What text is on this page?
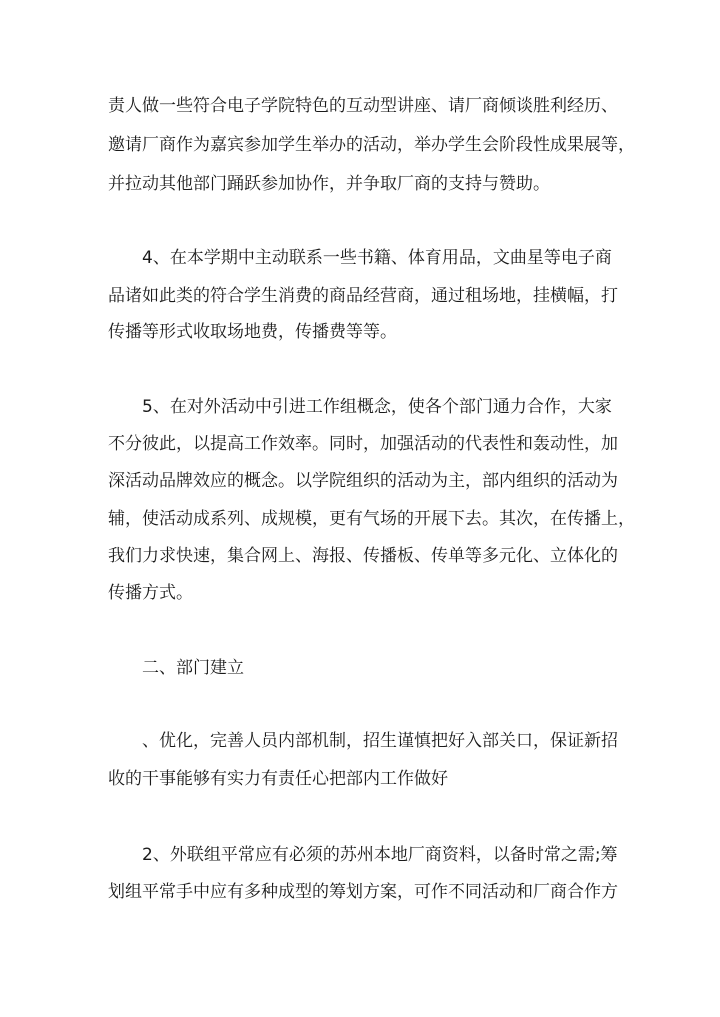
责人做一些符合电子学院特色的互动型讲座、请厂商倾谈胜利经历、
邀请厂商作为嘉宾参加学生举办的活动，举办学生会阶段性成果展等，
并拉动其他部门踊跃参加协作，并争取厂商的支持与赞助。
4、在本学期中主动联系一些书籍、体育用品，文曲星等电子商
品诸如此类的符合学生消费的商品经营商，通过租场地，挂横幅，打
传播等形式收取场地费，传播费等等。
5、在对外活动中引进工作组概念，使各个部门通力合作，大家
不分彼此，以提高工作效率。同时，加强活动的代表性和轰动性，加
深活动品牌效应的概念。以学院组织的活动为主，部内组织的活动为
辅，使活动成系列、成规模，更有气场的开展下去。其次，在传播上，
我们力求快速，集合网上、海报、传播板、传单等多元化、立体化的
传播方式。
二、部门建立
、优化，完善人员内部机制，招生谨慎把好入部关口，保证新招
收的干事能够有实力有责任心把部内工作做好
2、外联组平常应有必须的苏州本地厂商资料，以备时常之需;筹
划组平常手中应有多种成型的筹划方案，可作不同活动和厂商合作方
